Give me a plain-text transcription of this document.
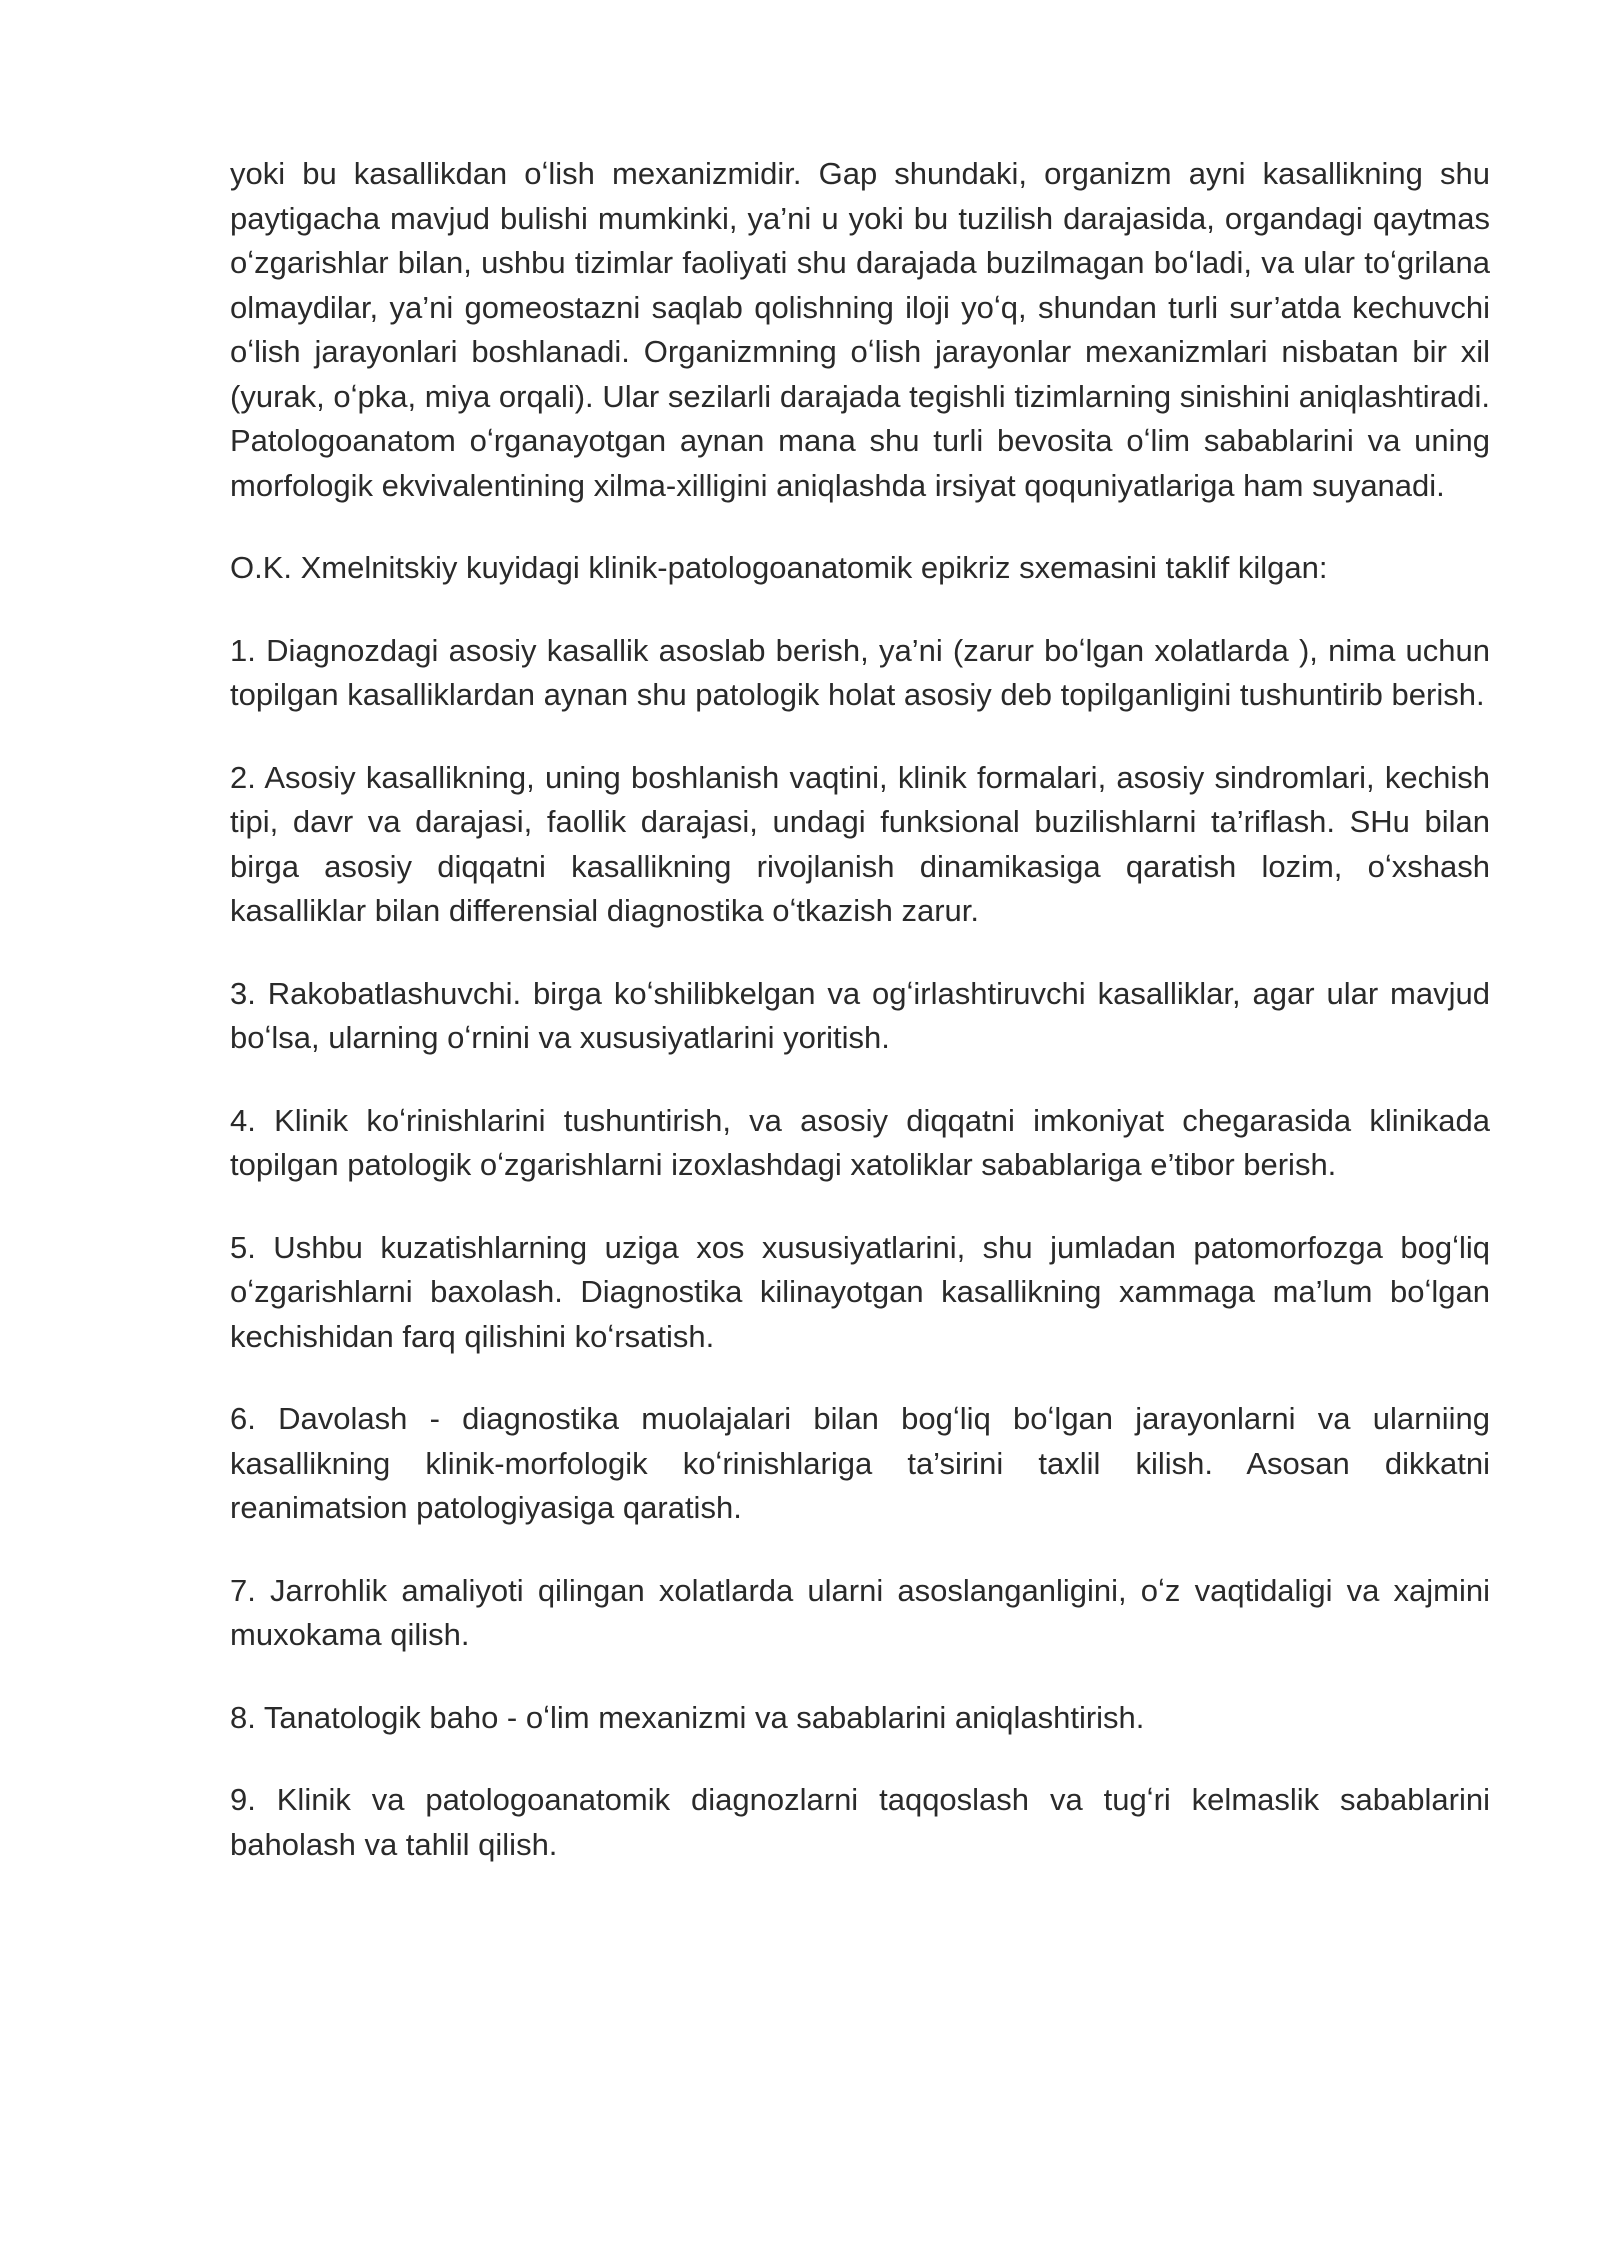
yoki bu kasallikdan oʻlish mexanizmidir. Gap shundaki, organizm ayni kasallikning shu paytigacha mavjud bulishi mumkinki, ya’ni u yoki bu tuzilish darajasida, organdagi qaytmas oʻzgarishlar bilan, ushbu tizimlar faoliyati shu darajada buzilmagan boʻladi, va ular toʻgrilana olmaydilar, ya’ni gomeostazni saqlab qolishning iloji yoʻq, shundan turli sur’atda kechuvchi oʻlish jarayonlari boshlanadi. Organizmning oʻlish jarayonlar mexanizmlari nisbatan bir xil (yurak, oʻpka, miya orqali). Ular sezilarli darajada tegishli tizimlarning sinishini aniqlashtiradi. Patologoanatom oʻrganayotgan aynan mana shu turli bevosita oʻlim sabablarini va uning morfologik ekvivalentining xilma-xilligini aniqlashda irsiyat qoquniyatlariga ham suyanadi.

O.K. Xmelnitskiy kuyidagi klinik-patologoanatomik epikriz sxemasini taklif kilgan:

1. Diagnozdagi asosiy kasallik asoslab berish, ya’ni (zarur boʻlgan xolatlarda ), nima uchun topilgan kasalliklardan aynan shu patologik holat asosiy deb topilganligini tushuntirib berish.

2. Asosiy kasallikning, uning boshlanish vaqtini, klinik formalari, asosiy sindromlari, kechish tipi, davr va darajasi, faollik darajasi, undagi funksional buzilishlarni ta’riflash. SHu bilan birga asosiy diqqatni kasallikning rivojlanish dinamikasiga qaratish lozim, oʻxshash kasalliklar bilan differensial diagnostika oʻtkazish zarur.

3. Rakobatlashuvchi. birga koʻshilibkelgan va ogʻirlashtiruvchi kasalliklar, agar ular mavjud boʻlsa, ularning oʻrnini va xususiyatlarini yoritish.

4. Klinik koʻrinishlarini tushuntirish, va asosiy diqqatni imkoniyat chegarasida klinikada topilgan patologik oʻzgarishlarni izoxlashdagi xatoliklar sabablariga e’tibor berish.

5. Ushbu kuzatishlarning uziga xos xususiyatlarini, shu jumladan patomorfozga bogʻliq oʻzgarishlarni baxolash. Diagnostika kilinayotgan kasallikning xammaga ma’lum boʻlgan kechishidan farq qilishini koʻrsatish.

6. Davolash - diagnostika muolajalari bilan bogʻliq boʻlgan jarayonlarni va ularniing kasallikning klinik-morfologik koʻrinishlariga ta’sirini taxlil kilish. Asosan dikkatni reanimatsion patologiyasiga qaratish.

7. Jarrohlik amaliyoti qilingan xolatlarda ularni asoslanganligini, oʻz vaqtidaligi va xajmini muxokama qilish.

8. Tanatologik baho - oʻlim mexanizmi va sabablarini aniqlashtirish.

9. Klinik va patologoanatomik diagnozlarni taqqoslash va tugʻri kelmaslik sabablarini baholash va tahlil qilish.
